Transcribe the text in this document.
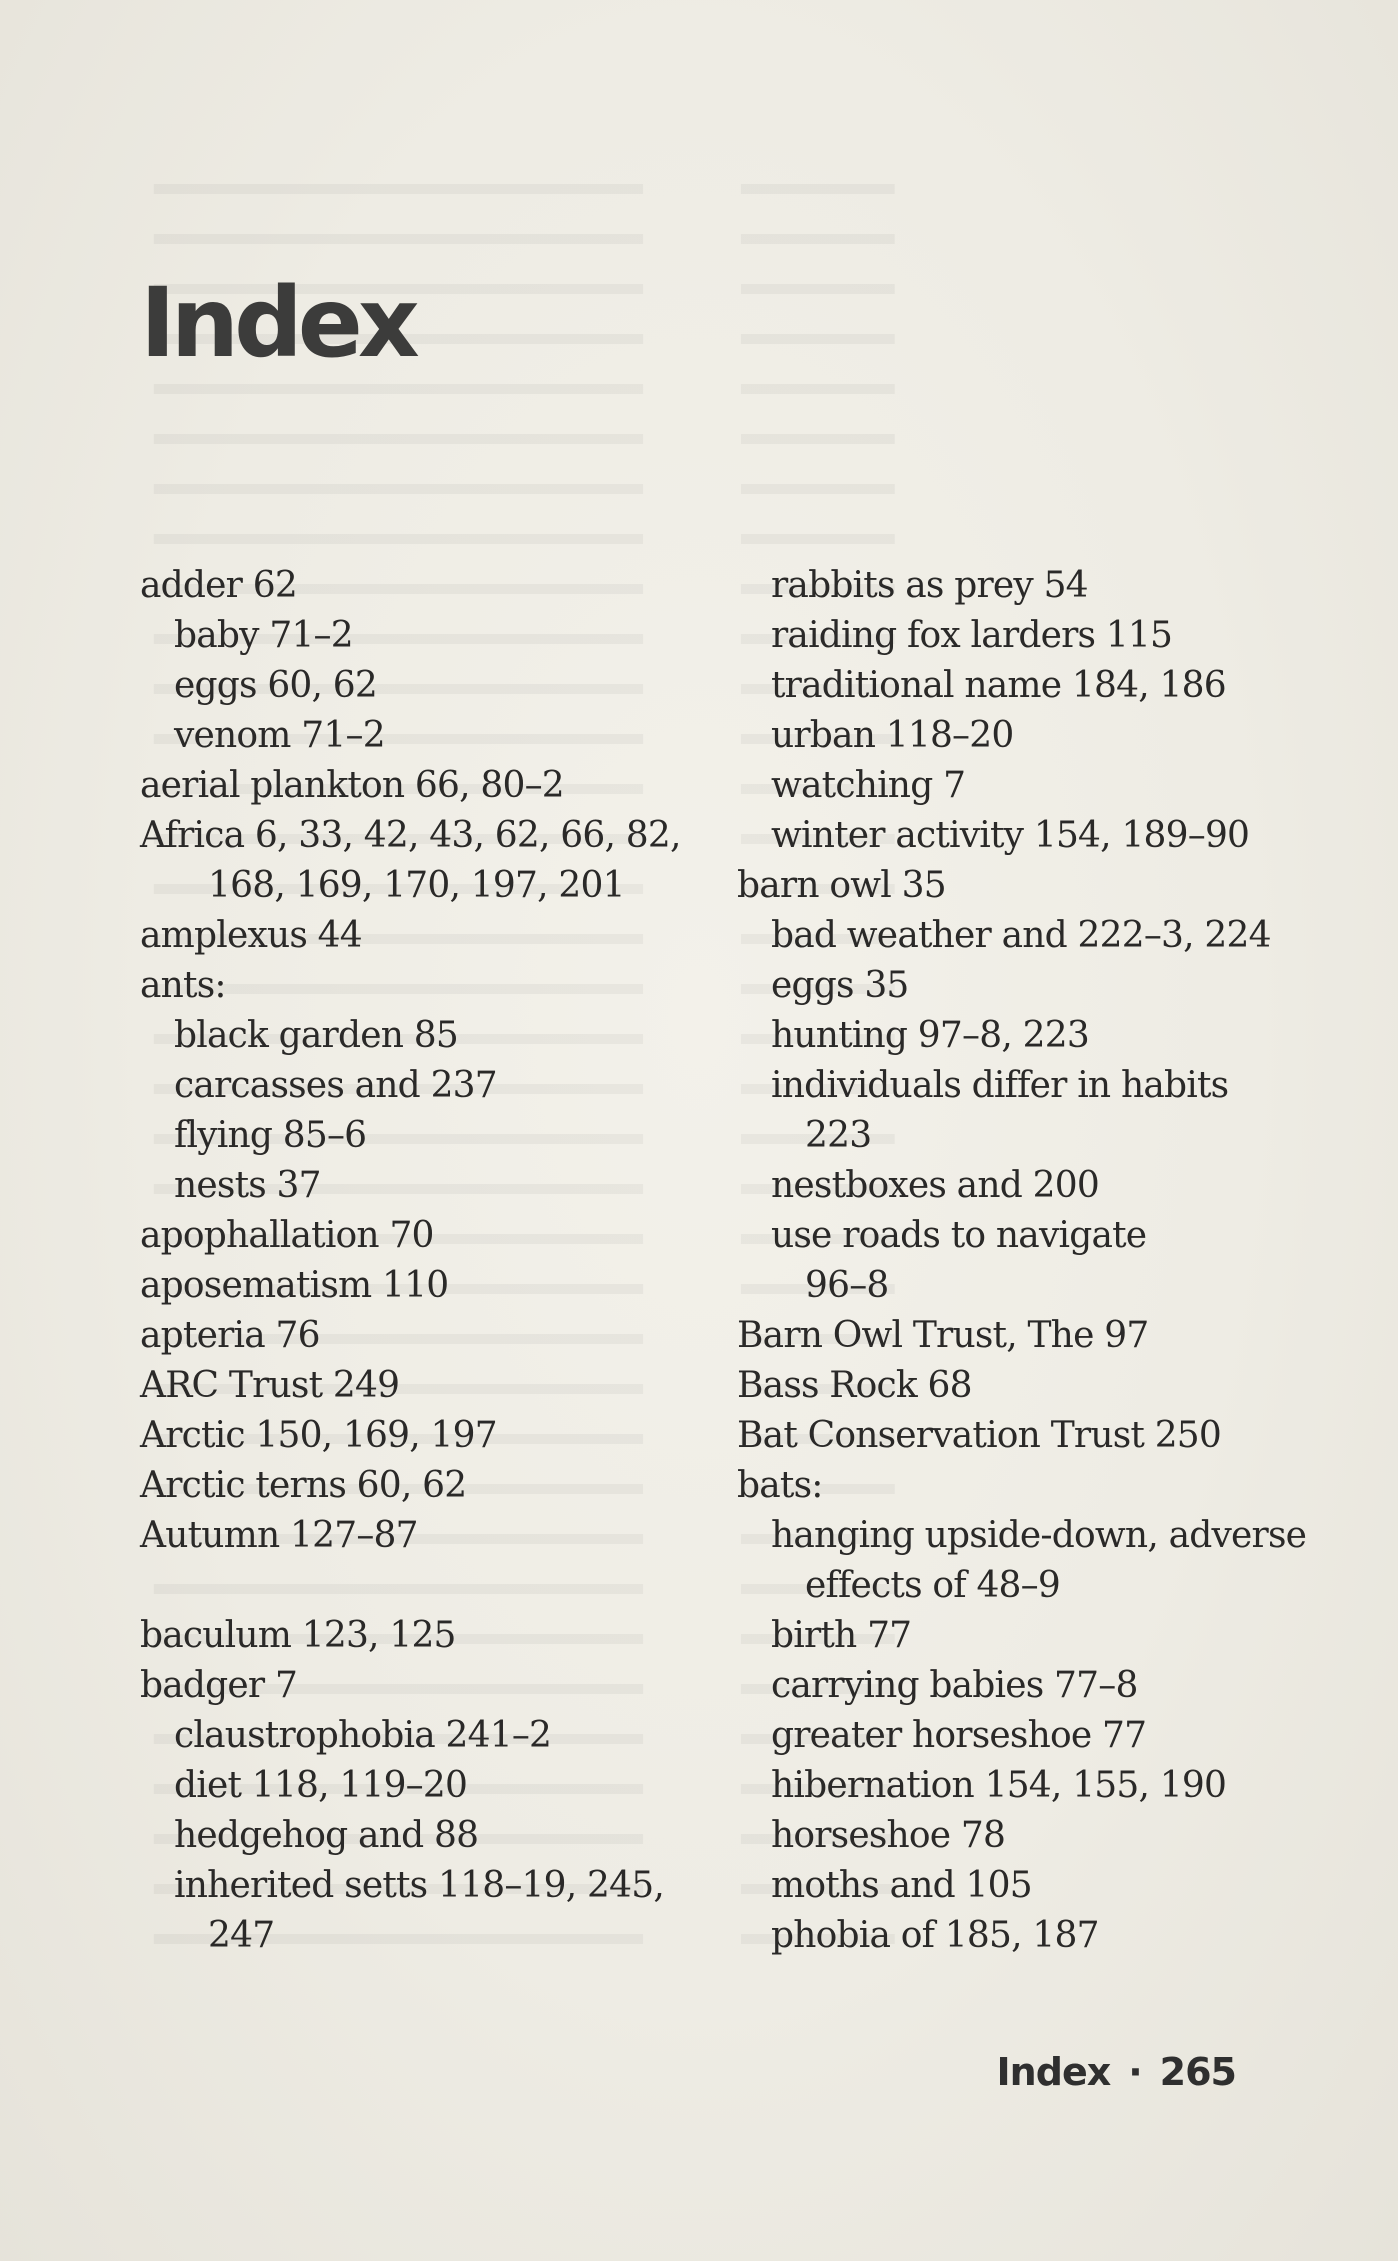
Index
adder 62
baby 71–2
eggs 60, 62
venom 71–2
aerial plankton 66, 80–2
Africa 6, 33, 42, 43, 62, 66, 82,
168, 169, 170, 197, 201
amplexus 44
ants:
black garden 85
carcasses and 237
flying 85–6
nests 37
apophallation 70
aposematism 110
apteria 76
ARC Trust 249
Arctic 150, 169, 197
Arctic terns 60, 62
Autumn 127–87
baculum 123, 125
badger 7
claustrophobia 241–2
diet 118, 119–20
hedgehog and 88
inherited setts 118–19, 245,
247
rabbits as prey 54
raiding fox larders 115
traditional name 184, 186
urban 118–20
watching 7
winter activity 154, 189–90
barn owl 35
bad weather and 222–3, 224
eggs 35
hunting 97–8, 223
individuals differ in habits
223
nestboxes and 200
use roads to navigate
96–8
Barn Owl Trust, The 97
Bass Rock 68
Bat Conservation Trust 250
bats:
hanging upside-down, adverse
effects of 48–9
birth 77
carrying babies 77–8
greater horseshoe 77
hibernation 154, 155, 190
horseshoe 78
moths and 105
phobia of 185, 187
Index · 265
